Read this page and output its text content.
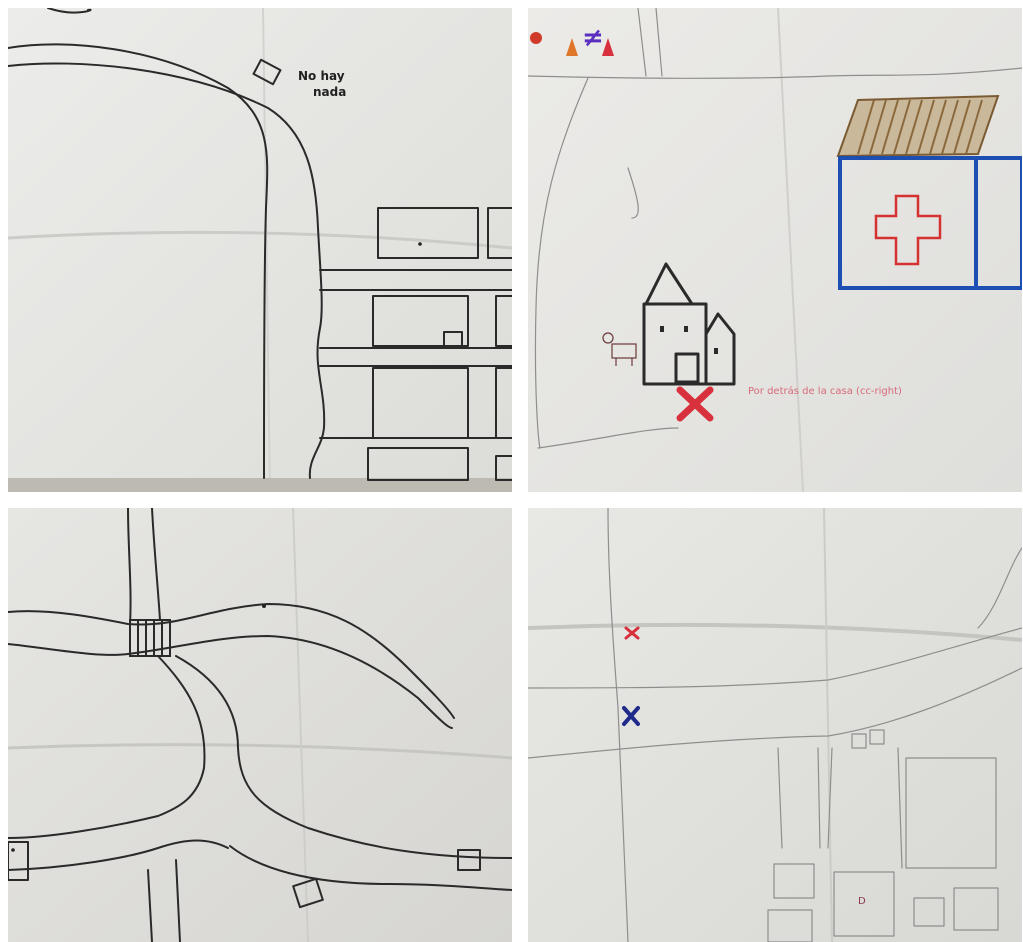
No hay
nada
≠
Por detrás de la casa (cc-right)
D
